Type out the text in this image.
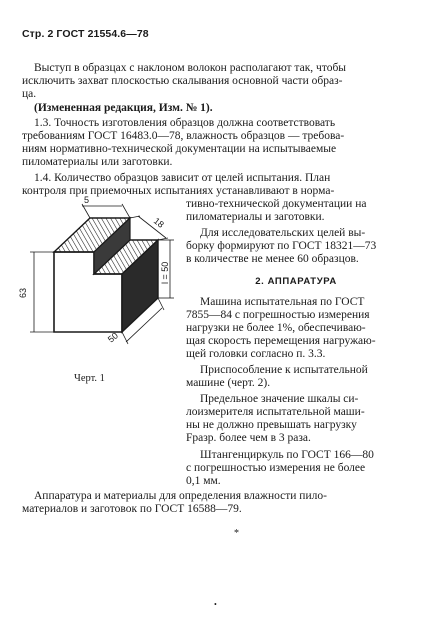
Стр. 2 ГОСТ 21554.6—78
Выступ в образцах с наклоном волокон располагают так, чтобы
исключить захват плоскостью скалывания основной части образ-
ца.
(Измененная редакция, Изм. № 1).
1.3. Точность изготовления образцов должна соответствовать
требованиям ГОСТ 16483.0—78, влажность образцов — требова-
ниям нормативно-технической документации на испытываемые
пиломатериалы или заготовки.
1.4. Количество образцов зависит от целей испытания. План
контроля при приемочных испытаниях устанавливают в норма-
тивно-технической документации на
пиломатериалы и заготовки.
Для исследовательских целей вы-
борку формируют по ГОСТ 18321—73
в количестве не менее 60 образцов.
2. АППАРАТУРА
Машина испытательная по ГОСТ
7855—84 с погрешностью измерения
нагрузки не более 1%, обеспечиваю-
щая скорость перемещения нагружаю-
щей головки согласно п. 3.3.
Приспособление к испытательной
машине (черт. 2).
Предельное значение шкалы си-
лоизмерителя испытательной маши-
ны не должно превышать нагрузку
Fразр. более чем в 3 раза.
Штангенциркуль по ГОСТ 166—80
с погрешностью измерения не более
0,1 мм.
Аппаратура и материалы для определения влажности пило-
материалов и заготовок по ГОСТ 16588—79.
5
18
63
l = 50
50
Черт. 1
*
•
